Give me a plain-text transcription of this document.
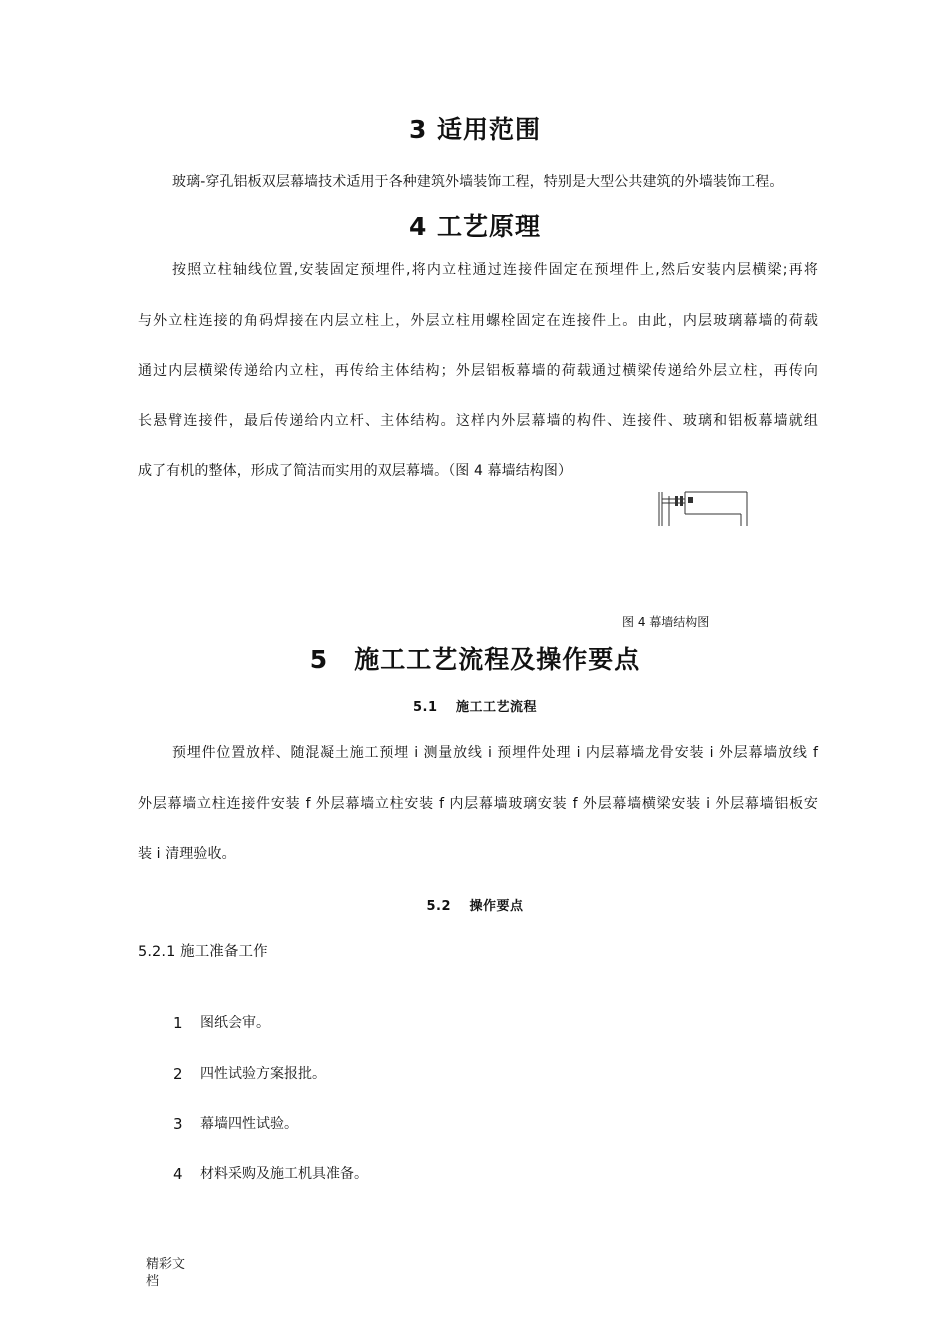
3 适用范围
玻璃-穿孔铝板双层幕墙技术适用于各种建筑外墙装饰工程，特别是大型公共建筑的外墙装饰工程。
4 工艺原理
按照立柱轴线位置,安装固定预埋件,将内立柱通过连接件固定在预埋件上,然后安装内层横梁;再将
与外立柱连接的角码焊接在内层立柱上，外层立柱用螺栓固定在连接件上。由此，内层玻璃幕墙的荷载
通过内层横梁传递给内立柱，再传给主体结构；外层铝板幕墙的荷载通过横梁传递给外层立柱，再传向
长悬臂连接件，最后传递给内立杆、主体结构。这样内外层幕墙的构件、连接件、玻璃和铝板幕墙就组
成了有机的整体，形成了简洁而实用的双层幕墙。（图 4 幕墙结构图）
图 4 幕墙结构图
5　施工工艺流程及操作要点
5.1　 施工工艺流程
预埋件位置放样、随混凝土施工预埋 i 测量放线 i 预埋件处理 i 内层幕墙龙骨安装 i 外层幕墙放线 f
外层幕墙立柱连接件安装 f 外层幕墙立柱安装 f 内层幕墙玻璃安装 f 外层幕墙横梁安装 i 外层幕墙铝板安
装 i 清理验收。
5.2　 操作要点
5.2.1 施工准备工作
1	图纸会审。
2	四性试验方案报批。
3	幕墙四性试验。
4	材料采购及施工机具准备。
精彩文
档
